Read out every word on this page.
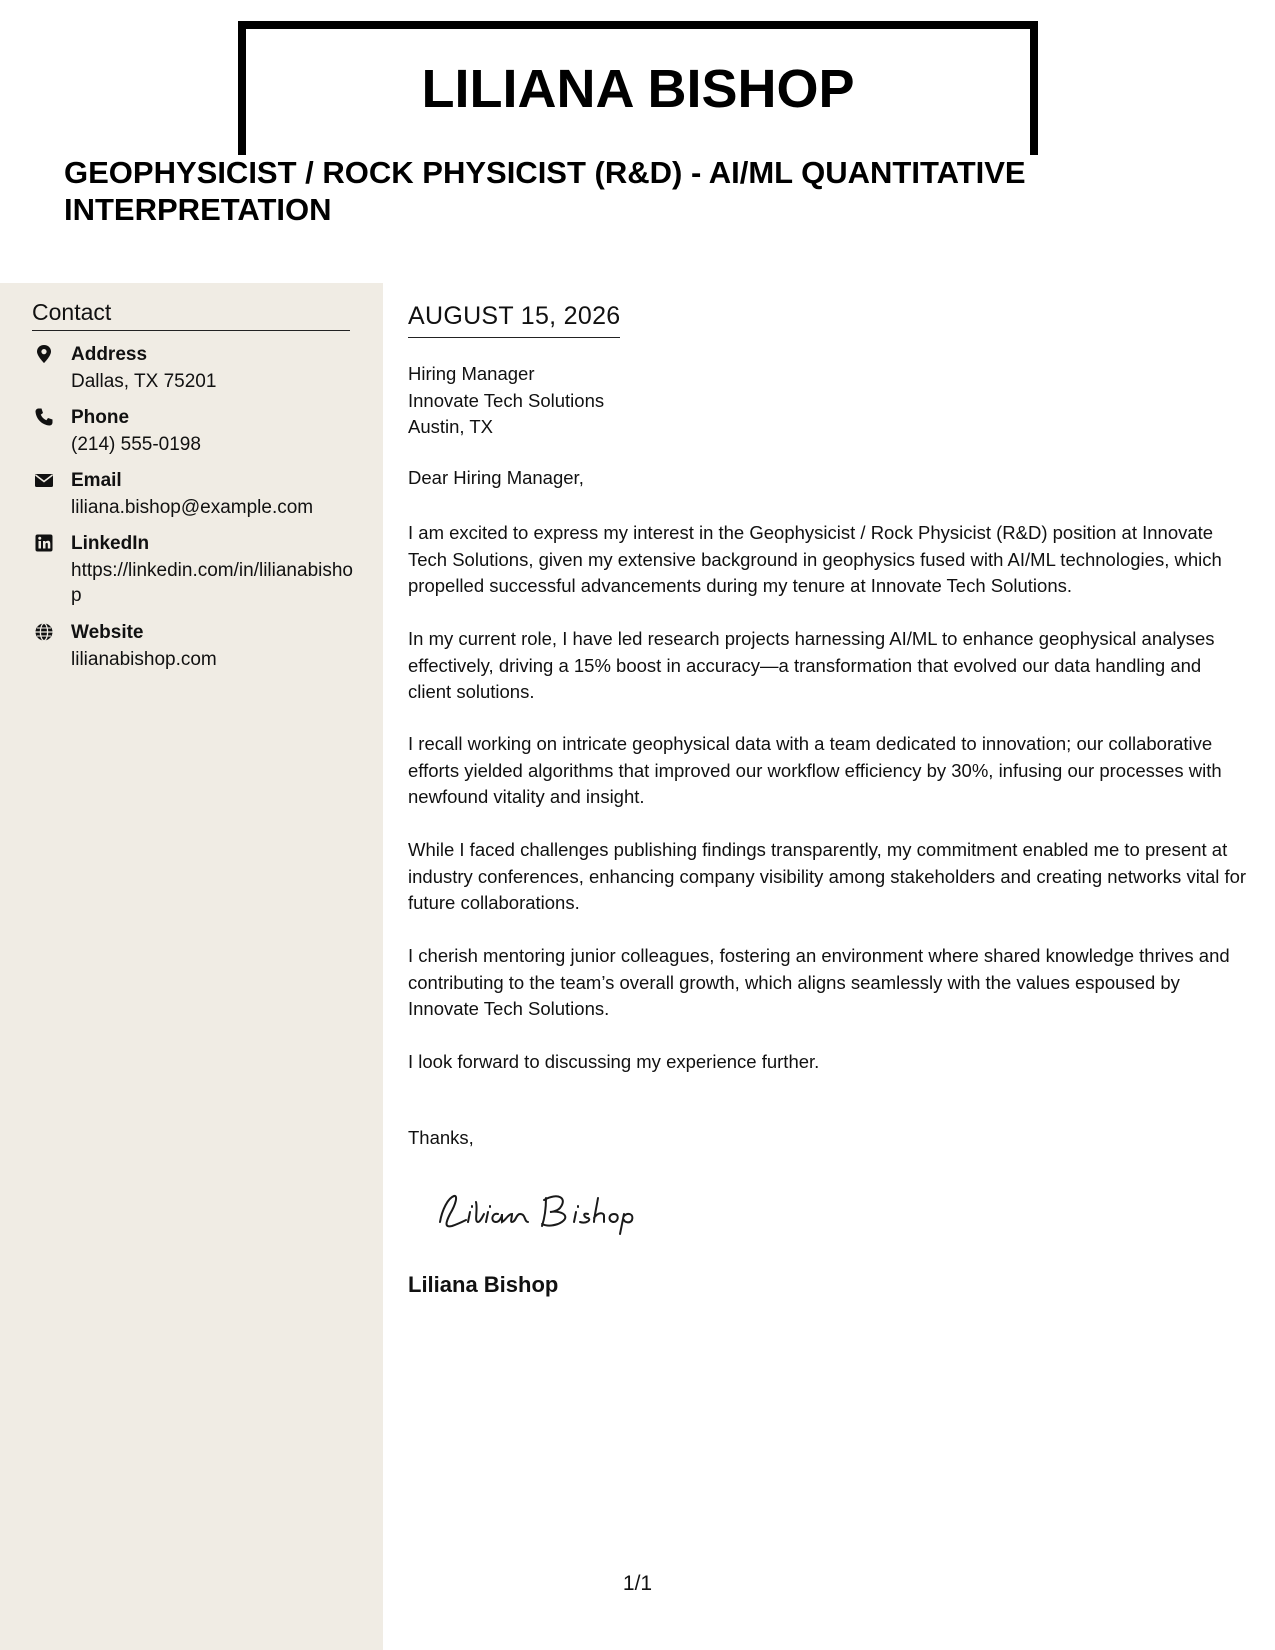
LILIANA BISHOP
GEOPHYSICIST / ROCK PHYSICIST (R&D) - AI/ML QUANTITATIVE INTERPRETATION
Contact
Address
Dallas, TX 75201
Phone
(214) 555-0198
Email
liliana.bishop@example.com
LinkedIn
https://linkedin.com/in/lilianabishop
Website
lilianabishop.com
AUGUST 15, 2026
Hiring Manager
Innovate Tech Solutions
Austin, TX
Dear Hiring Manager,
I am excited to express my interest in the Geophysicist / Rock Physicist (R&D) position at Innovate Tech Solutions, given my extensive background in geophysics fused with AI/ML technologies, which propelled successful advancements during my tenure at Innovate Tech Solutions.
In my current role, I have led research projects harnessing AI/ML to enhance geophysical analyses effectively, driving a 15% boost in accuracy—a transformation that evolved our data handling and client solutions.
I recall working on intricate geophysical data with a team dedicated to innovation; our collaborative efforts yielded algorithms that improved our workflow efficiency by 30%, infusing our processes with newfound vitality and insight.
While I faced challenges publishing findings transparently, my commitment enabled me to present at industry conferences, enhancing company visibility among stakeholders and creating networks vital for future collaborations.
I cherish mentoring junior colleagues, fostering an environment where shared knowledge thrives and contributing to the team’s overall growth, which aligns seamlessly with the values espoused by Innovate Tech Solutions.
I look forward to discussing my experience further.
Thanks,
Liliana Bishop
1/1
